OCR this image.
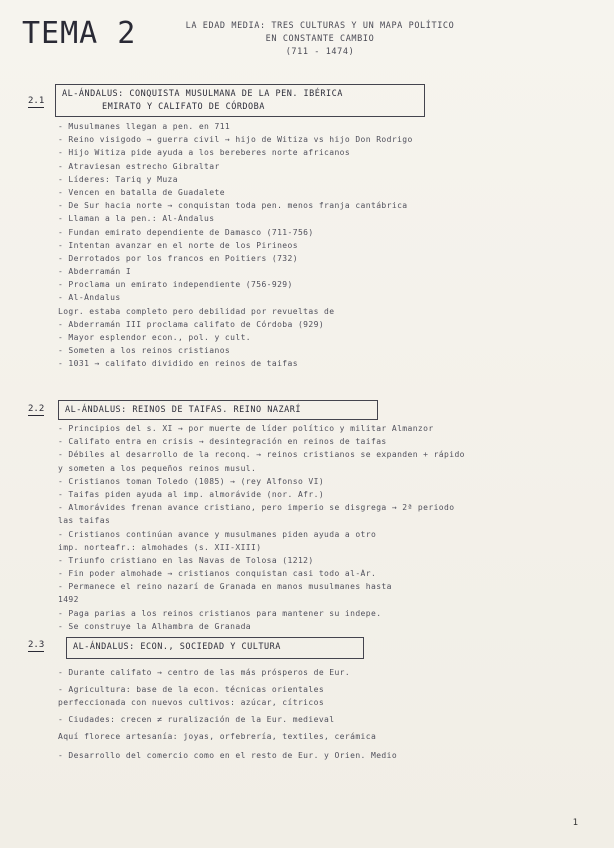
TEMA 2	LA EDAD MEDIA: TRES CULTURAS Y UN MAPA POLÍTICO
EN CONSTANTE CAMBIO
(711 - 1474)
2.1
AL-ÁNDALUS: CONQUISTA MUSULMANA DE LA PEN. IBÉRICA
EMIRATO Y CALIFATO DE CÓRDOBA
- Musulmanes llegan a pen. en 711
- Reino visigodo → guerra civil → hijo de Witiza vs hijo Don Rodrigo
- Hijo Witiza pide ayuda a los bereberes norte africanos
- Atraviesan estrecho Gibraltar
- Líderes: Tariq y Muza
- Vencen en batalla de Guadalete
- De Sur hacia norte → conquistan toda pen. menos franja cantábrica
- Llaman a la pen.: Al-Ándalus
- Fundan emirato dependiente de Damasco (711-756)
- Intentan avanzar en el norte de los Pirineos
- Derrotados por los francos en Poitiers (732)
- Abderramán I
- Proclama un emirato independiente (756-929)
- Al-Ándalus
Logr. estaba completo pero debilidad por revueltas de
- Abderramán III proclama califato de Córdoba (929)
- Mayor esplendor econ., pol. y cult.
- Someten a los reinos cristianos
- 1031 → califato dividido en reinos de taifas
2.2 AL-ÁNDALUS: REINOS DE TAIFAS. REINO NAZARÍ
- Principios del s. XI → por muerte de líder político y militar Almanzor
- Califato entra en crisis → desintegración en reinos de taifas
- Débiles al desarrollo de la reconq. → reinos cristianos se expanden + rápido
y someten a los pequeños reinos musul.
- Cristianos toman Toledo (1085) → (rey Alfonso VI)
- Taifas piden ayuda al imp. almorávide (nor. Afr.)
- Almorávides frenan avance cristiano, pero imperio se disgrega → 2ª periodo
las taifas
- Cristianos continúan avance y musulmanes piden ayuda a otro
imp. norteafr.: almohades (s. XII-XIII)
- Triunfo cristiano en las Navas de Tolosa (1212)
- Fin poder almohade → cristianos conquistan casi todo al-Ár.
- Permanece el reino nazarí de Granada en manos musulmanes hasta
1492
- Paga parias a los reinos cristianos para mantener su indepe.
- Se construye la Alhambra de Granada
2.3	AL-ÁNDALUS: ECON., SOCIEDAD Y CULTURA
- Durante califato → centro de las más prósperos de Eur.
- Agricultura: base de la econ. técnicas orientales
perfeccionada con nuevos cultivos: azúcar, cítricos
- Ciudades: crecen ≠ ruralización de la Eur. medieval
Aquí florece artesanía: joyas, orfebrería, textiles, cerámica
- Desarrollo del comercio como en el resto de Eur. y Orien. Medio
1
